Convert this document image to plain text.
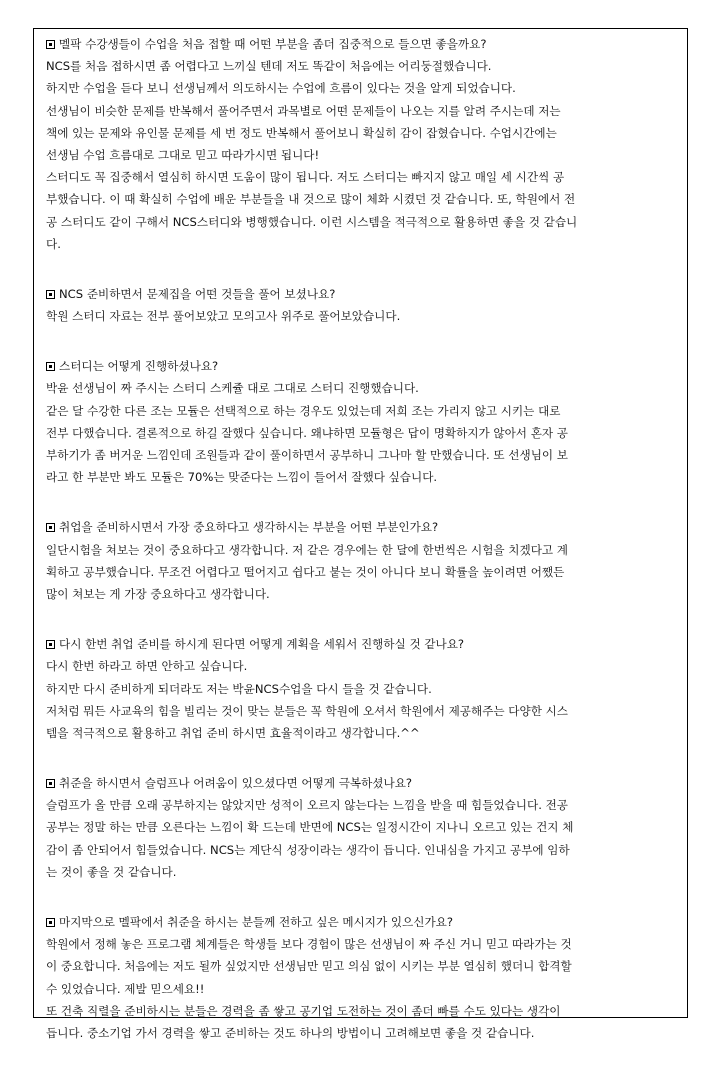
멜팍 수강생들이 수업을 처음 접할 때 어떤 부분을 좀더 집중적으로 들으면 좋을까요?
NCS를 처음 접하시면 좀 어렵다고 느끼실 텐데 저도 똑같이 처음에는 어리둥절했습니다.
하지만 수업을 듣다 보니 선생님께서 의도하시는 수업에 흐름이 있다는 것을 알게 되었습니다.
선생님이 비슷한 문제를 반복해서 풀어주면서 과목별로 어떤 문제들이 나오는 지를 알려 주시는데 저는
책에 있는 문제와 유인물 문제를 세 번 정도 반복해서 풀어보니 확실히 감이 잡혔습니다. 수업시간에는
선생님 수업 흐름대로 그대로 믿고 따라가시면 됩니다!
스터디도 꼭 집중해서 열심히 하시면 도움이 많이 됩니다. 저도 스터디는 빠지지 않고 매일 세 시간씩 공
부했습니다. 이 때 확실히 수업에 배운 부분들을 내 것으로 많이 체화 시켰던 것 같습니다. 또, 학원에서 전
공 스터디도 같이 구해서 NCS스터디와 병행했습니다. 이런 시스템을 적극적으로 활용하면 좋을 것 같습니
다.
NCS 준비하면서 문제집을 어떤 것들을 풀어 보셨나요?
학원 스터디 자료는 전부 풀어보았고 모의고사 위주로 풀어보았습니다.
스터디는 어떻게 진행하셨나요?
박윤 선생님이 짜 주시는 스터디 스케쥴 대로 그대로 스터디 진행했습니다.
같은 달 수강한 다른 조는 모듈은 선택적으로 하는 경우도 있었는데 저희 조는 가리지 않고 시키는 대로
전부 다했습니다. 결론적으로 하길 잘했다 싶습니다. 왜냐하면 모듈형은 답이 명확하지가 않아서 혼자 공
부하기가 좀 버거운 느낌인데 조원들과 같이 풀이하면서 공부하니 그나마 할 만했습니다. 또 선생님이 보
라고 한 부분만 봐도 모듈은 70%는 맞준다는 느낌이 들어서 잘했다 싶습니다.
취업을 준비하시면서 가장 중요하다고 생각하시는 부분을 어떤 부분인가요?
일단시험을 쳐보는 것이 중요하다고 생각합니다. 저 같은 경우에는 한 달에 한번씩은 시험을 치겠다고 계
획하고 공부했습니다. 무조건 어렵다고 떨어지고 쉽다고 붙는 것이 아니다 보니 확률을 높이려면 어쨌든
많이 쳐보는 게 가장 중요하다고 생각합니다.
다시 한번 취업 준비를 하시게 된다면 어떻게 계획을 세워서 진행하실 것 같나요?
다시 한번 하라고 하면 안하고 싶습니다.
하지만 다시 준비하게 되더라도 저는 박윤NCS수업을 다시 들을 것 같습니다.
저처럼 뭐든 사교육의 힘을 빌리는 것이 맞는 분들은 꼭 학원에 오셔서 학원에서 제공해주는 다양한 시스
템을 적극적으로 활용하고 취업 준비 하시면 효율적이라고 생각합니다.^^
취준을 하시면서 슬럼프나 어려움이 있으셨다면 어떻게 극복하셨나요?
슬럼프가 올 만큼 오래 공부하지는 않았지만 성적이 오르지 않는다는 느낌을 받을 때 힘들었습니다. 전공
공부는 정말 하는 만큼 오른다는 느낌이 확 드는데 반면에 NCS는 일정시간이 지나니 오르고 있는 건지 체
감이 좀 안되어서 힘들었습니다. NCS는 계단식 성장이라는 생각이 듭니다. 인내심을 가지고 공부에 임하
는 것이 좋을 것 같습니다.
마지막으로 멜팍에서 취준을 하시는 분들께 전하고 싶은 메시지가 있으신가요?
학원에서 정해 놓은 프로그램 체계들은 학생들 보다 경험이 많은 선생님이 짜 주신 거니 믿고 따라가는 것
이 중요합니다. 처음에는 저도 될까 싶었지만 선생님만 믿고 의심 없이 시키는 부분 열심히 했더니 합격할
수 있었습니다. 제발 믿으세요!!
또 건축 직렬을 준비하시는 분들은 경력을 좀 쌓고 공기업 도전하는 것이 좀더 빠를 수도 있다는 생각이
듭니다. 중소기업 가서 경력을 쌓고 준비하는 것도 하나의 방법이니 고려해보면 좋을 것 같습니다.
